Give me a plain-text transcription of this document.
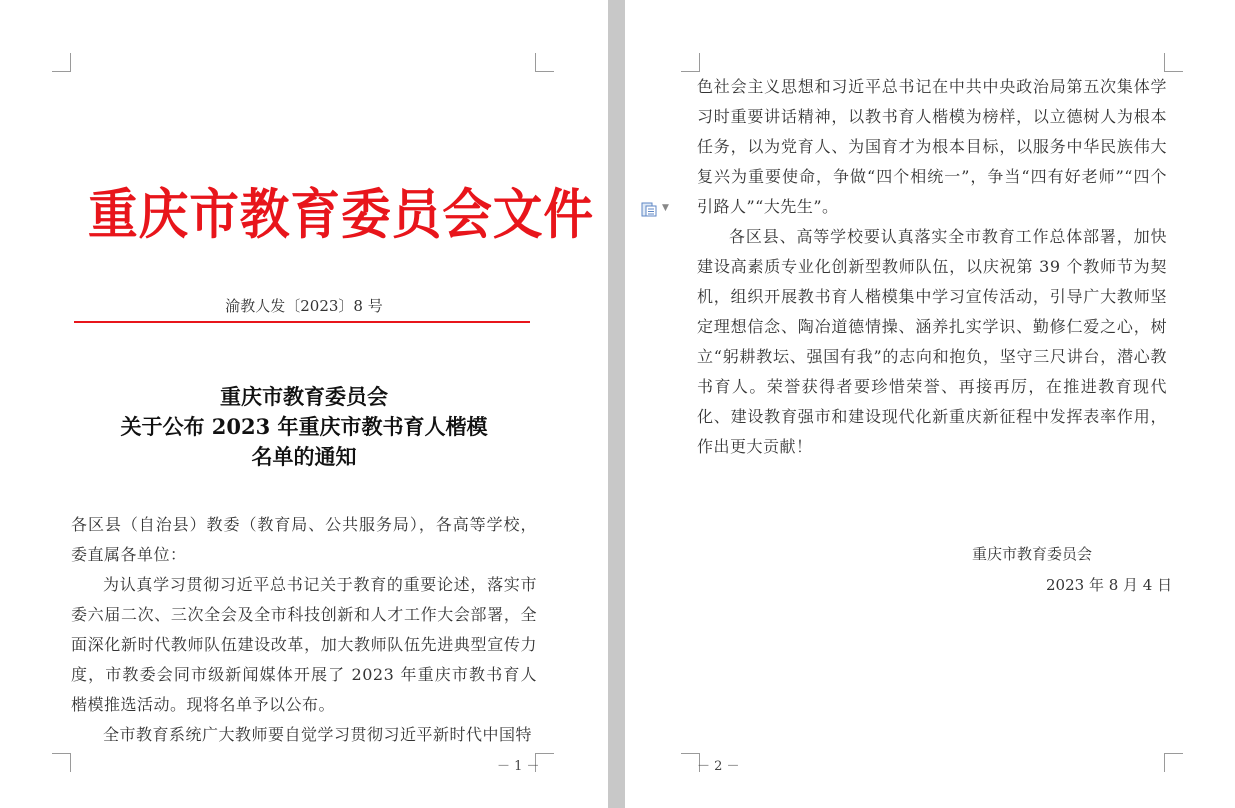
重庆市教育委员会文件
渝教人发〔2023〕8 号
重庆市教育委员会
关于公布 2023 年重庆市教书育人楷模
名单的通知

各区县（自治县）教委（教育局、公共服务局），各高等学校，委直属各单位：

为认真学习贯彻习近平总书记关于教育的重要论述，落实市委六届二次、三次全会及全市科技创新和人才工作大会部署，全面深化新时代教师队伍建设改革，加大教师队伍先进典型宣传力度，市教委会同市级新闻媒体开展了 2023 年重庆市教书育人楷模推选活动。现将名单予以公布。

全市教育系统广大教师要自觉学习贯彻习近平新时代中国特

－ 1 －	－ 2 －
▼

色社会主义思想和习近平总书记在中共中央政治局第五次集体学习时重要讲话精神，以教书育人楷模为榜样，以立德树人为根本任务，以为党育人、为国育才为根本目标，以服务中华民族伟大复兴为重要使命，争做“四个相统一”，争当“四有好老师”“四个引路人”“大先生”。

各区县、高等学校要认真落实全市教育工作总体部署，加快建设高素质专业化创新型教师队伍，以庆祝第 39 个教师节为契机，组织开展教书育人楷模集中学习宣传活动，引导广大教师坚定理想信念、陶冶道德情操、涵养扎实学识、勤修仁爱之心，树立“躬耕教坛、强国有我”的志向和抱负，坚守三尺讲台，潜心教书育人。荣誉获得者要珍惜荣誉、再接再厉，在推进教育现代化、建设教育强市和建设现代化新重庆新征程中发挥表率作用，作出更大贡献！

重庆市教育委员会
2023 年 8 月 4 日
